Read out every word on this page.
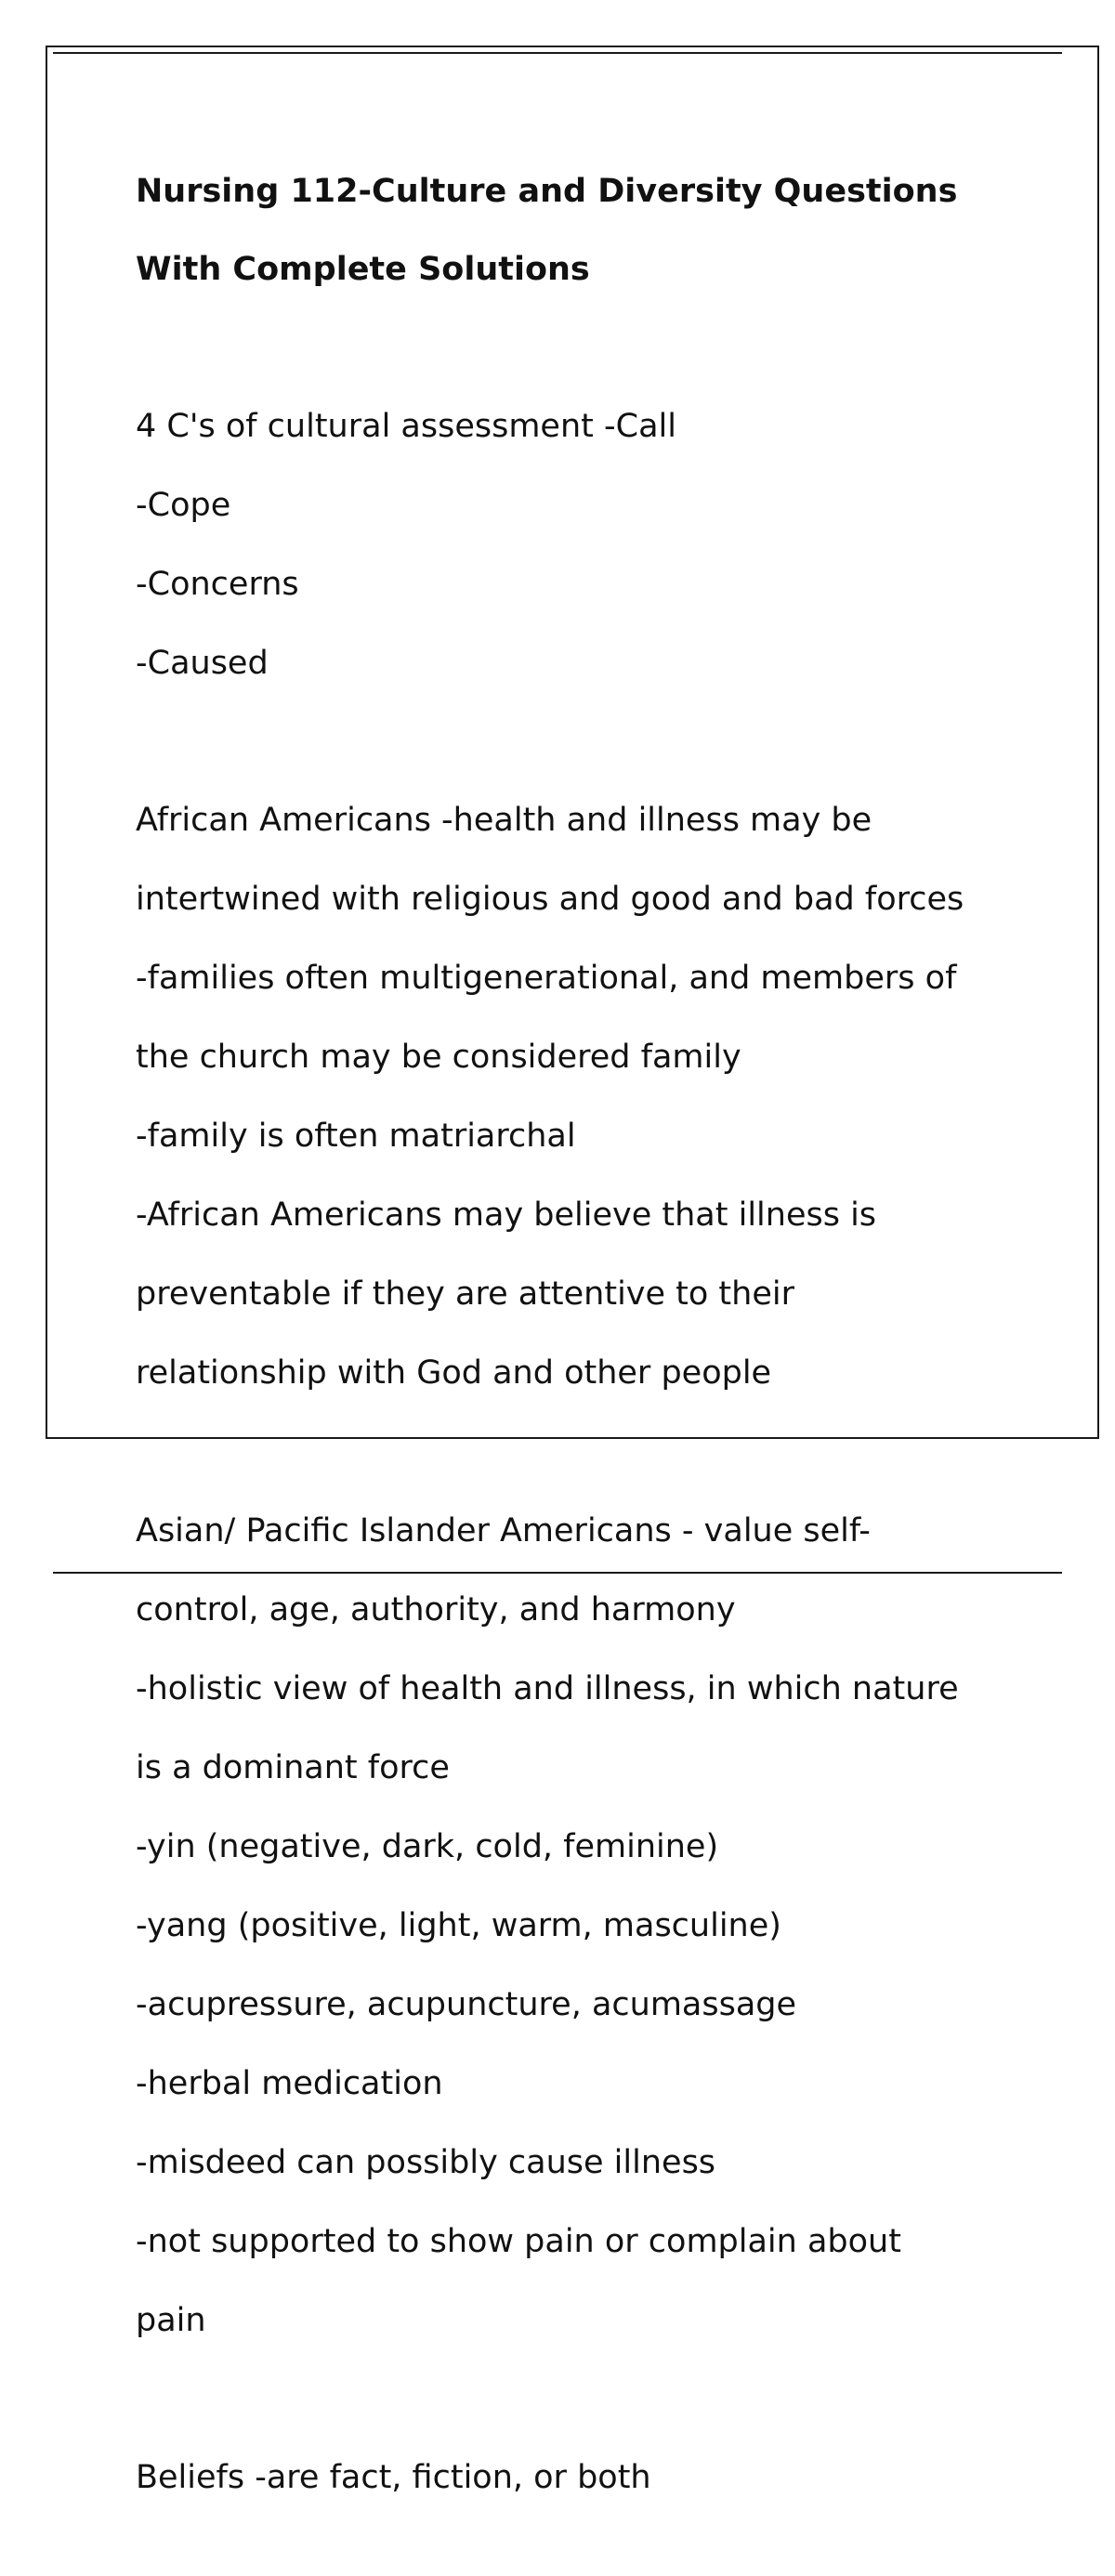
Nursing 112-Culture and Diversity Questions

With Complete Solutions

4 C's of cultural assessment -Call

-Cope

-Concerns

-Caused

African Americans -health and illness may be

intertwined with religious and good and bad forces

-families often multigenerational, and members of

the church may be considered family

-family is often matriarchal

-African Americans may believe that illness is

preventable if they are attentive to their

relationship with God and other people

Asian/ Pacific Islander Americans - value self-

control, age, authority, and harmony

-holistic view of health and illness, in which nature

is a dominant force

-yin (negative, dark, cold, feminine)

-yang (positive, light, warm, masculine)

-acupressure, acupuncture, acumassage

-herbal medication

-misdeed can possibly cause illness

-not supported to show pain or complain about

pain

Beliefs -are fact, fiction, or both
